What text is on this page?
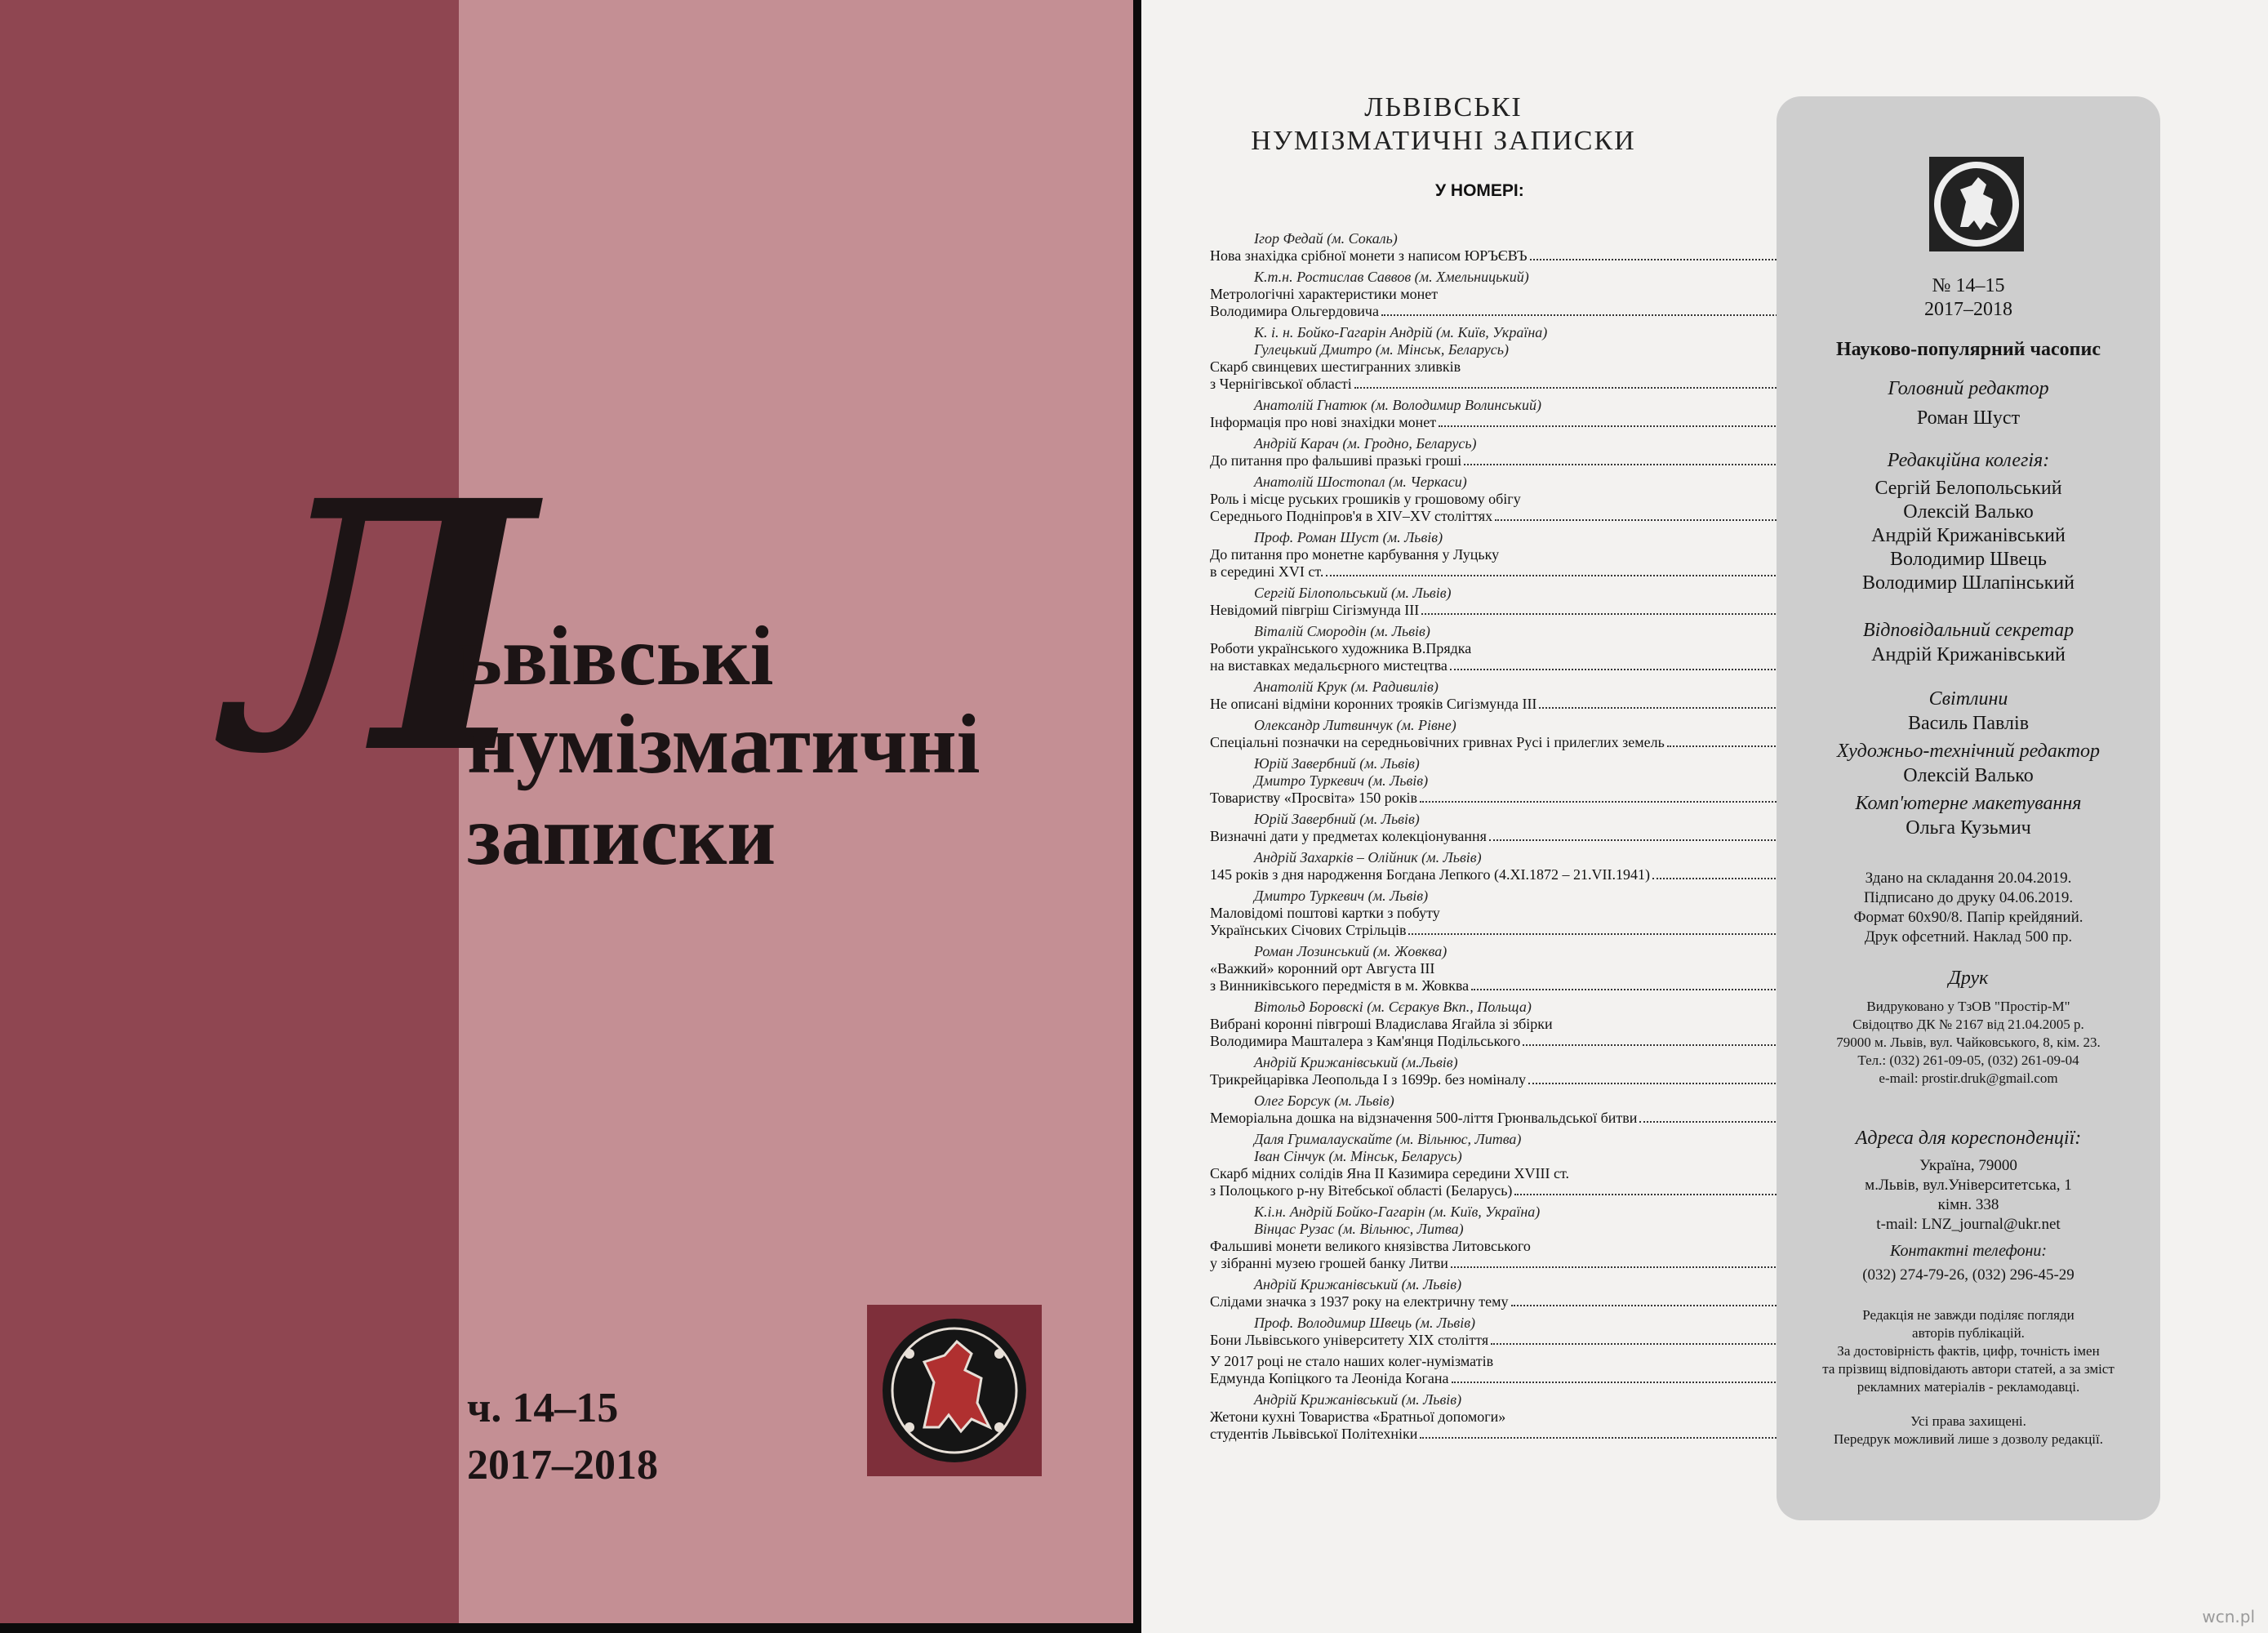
Л
ьвівські
нумізматичні
записки
ч. 14–15
2017–2018
ЛЬВІВСЬКІ
НУМІЗМАТИЧНІ ЗАПИСКИ
У НОМЕРІ:
Ігор Федай (м. Сокаль)
Нова знахідка срібної монети з написом ЮРЪЄВЪ
К.т.н. Ростислав Саввов (м. Хмельницький)
Метрологічні характеристики монет
Володимира Ольгердовича
К. і. н. Бойко-Гагарін Андрій (м. Київ, Україна)
Гулецький Дмитро (м. Мінськ, Беларусь)
Скарб свинцевих шестигранних зливків
з Чернігівської області
Анатолій Гнатюк (м. Володимир Волинський)
Інформація про нові знахідки монет
Андрій Карач (м. Гродно, Беларусь)
До питання про фальшиві празькі гроші
Анатолій Шостопал (м. Черкаси)
Роль і місце руських грошиків у грошовому обігу
Середнього Подніпров'я в XIV–XV століттях
Проф. Роман Шуст (м. Львів)
До питання про монетне карбування у Луцьку
в середині XVI ст.
Сергій Білопольський (м. Львів)
Невідомий півгріш Сігізмунда ІІІ
Віталій Смородін (м. Львів)
Роботи українського художника В.Прядка
на виставках медальєрного мистецтва
Анатолій Крук (м. Радивилів)
Не описані відміни коронних трояків Сигізмунда ІІІ
Олександр Литвинчук (м. Рівне)
Спеціальні позначки на середньовічних гривнах Русі і прилеглих земель
Юрій Завербний (м. Львів)
Дмитро Туркевич (м. Львів)
Товариству «Просвіта» 150 років
Юрій Завербний (м. Львів)
Визначні дати у предметах колекціонування
Андрій Захарків – Олійник (м. Львів)
145 років з дня народження Богдана Лепкого (4.XI.1872 – 21.VII.1941)
Дмитро Туркевич (м. Львів)
Маловідомі поштові картки з побуту
Українських Січових Стрільців
Роман Лозинський (м. Жовква)
«Важкий» коронний орт Августа ІІІ
з Винниківського передмістя в м. Жовква
Вітольд Боровскі (м. Сєракув Вкп., Польща)
Вибрані коронні півгроші Владислава Ягайла зі збірки
Володимира Машталера з Кам'янця Подільського
Андрій Крижанівський (м.Львів)
Трикрейцарівка Леопольда І з 1699р. без номіналу
Олег Борсук (м. Львів)
Меморіальна дошка на відзначення 500-ліття Грюнвальдської битви
Даля Грималаускайте (м. Вільнюс, Литва)
Іван Сінчук (м. Мінськ, Беларусь)
Скарб мідних солідів Яна ІІ Казимира середини XVIII ст.
з Полоцького р-ну Вітебської області (Беларусь)
К.і.н. Андрій Бойко-Гагарін (м. Київ, Україна)
Вінцас Рузас (м. Вільнюс, Литва)
Фальшиві монети великого князівства Литовського
у зібранні музею грошей банку Литви
Андрій Крижанівський (м. Львів)
Слідами значка з 1937 року на електричну тему
Проф. Володимир Швець (м. Львів)
Бони Львівського університету XIX століття
У 2017 році не стало наших колег-нумізматів
Едмунда Копіцкого та Леоніда Когана
Андрій Крижанівський (м. Львів)
Жетони кухні Товариства «Братньої допомоги»
студентів Львівської Політехніки
№ 14–15
2017–2018
Науково-популярний часопис
Головний редактор
Роман Шуст
Редакційна колегія:
Сергій Белопольський
Олексій Валько
Андрій Крижанівський
Володимир Швець
Володимир Шлапінський
Відповідальний секретар
Андрій Крижанівський
Світлини
Василь Павлів
Художньо-технічний редактор
Олексій Валько
Комп'ютерне макетування
Ольга Кузьмич
Здано на складання 20.04.2019.
Підписано до друку 04.06.2019.
Формат 60х90/8. Папір крейдяний.
Друк офсетний. Наклад 500 пр.
Друк
Видруковано у ТзОВ "Простір-М"
Свідоцтво ДК № 2167 від 21.04.2005 р.
79000 м. Львів, вул. Чайковського, 8, кім. 23.
Тел.: (032) 261-09-05, (032) 261-09-04
e-mail: prostir.druk@gmail.com
Адреса для кореспонденції:
Україна, 79000
м.Львів, вул.Університетська, 1
кімн. 338
t-mail: LNZ_journal@ukr.net
Контактні телефони:
(032) 274-79-26, (032) 296-45-29
Редакція не завжди поділяє погляди
авторів публікацій.
За достовірність фактів, цифр, точність імен
та прізвищ відповідають автори статей, а за зміст
рекламних матеріалів - рекламодавці.
Усі права захищені.
Передрук можливий лише з дозволу редакції.
wcn.pl
